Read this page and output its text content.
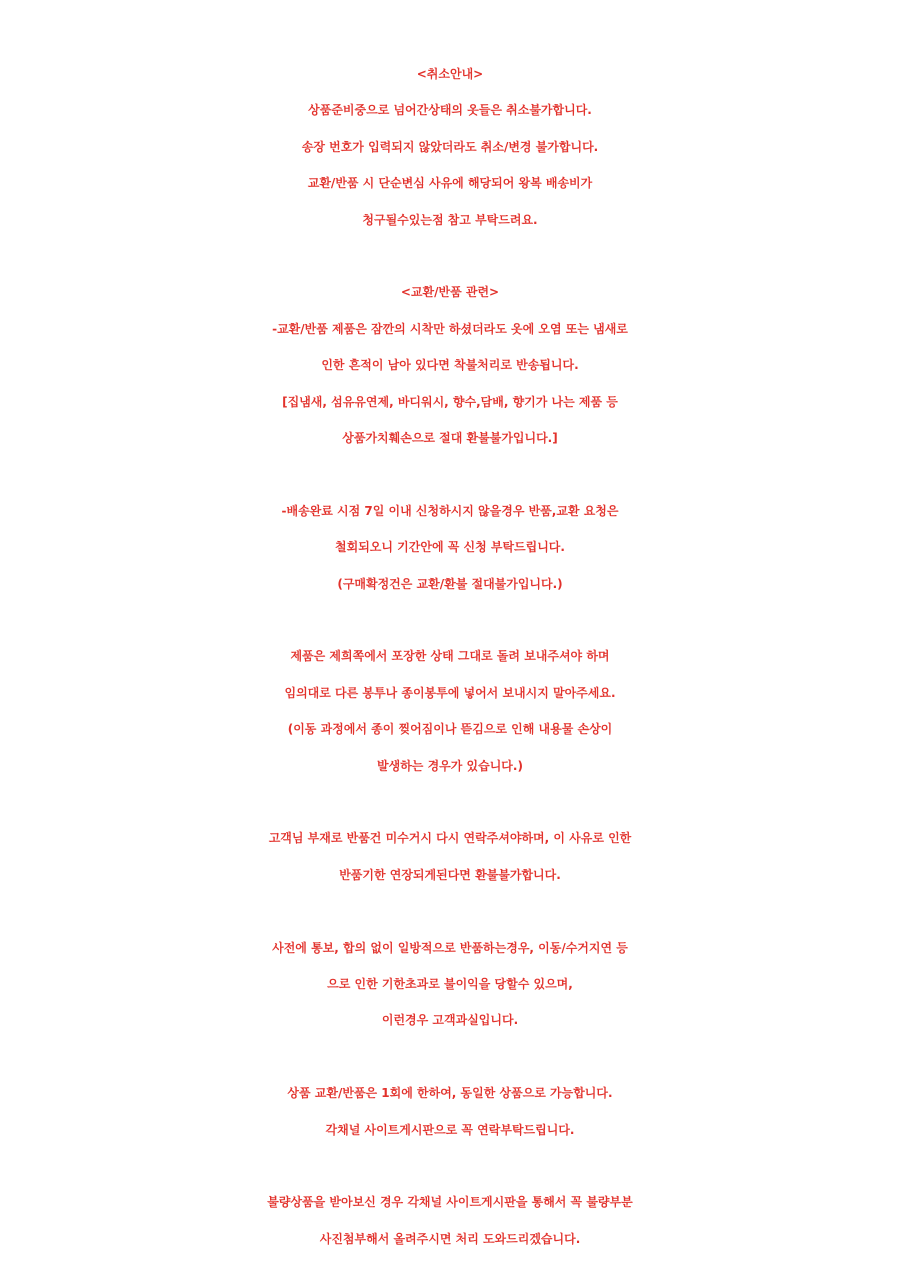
<취소안내>
상품준비중으로 넘어간상태의 옷들은 취소불가합니다.
송장 번호가 입력되지 않았더라도 취소/변경 불가합니다.
교환/반품 시 단순변심 사유에 해당되어 왕복 배송비가
청구될수있는점 참고 부탁드려요.
<교환/반품 관련>
-교환/반품 제품은 잠깐의 시착만 하셨더라도 옷에 오염 또는 냄새로
인한 흔적이 남아 있다면 착불처리로 반송됩니다.
[집냄새, 섬유유연제, 바디워시, 향수,담배, 향기가 나는 제품 등
상품가치훼손으로 절대 환불불가입니다.]
-배송완료 시점 7일 이내 신청하시지 않을경우 반품,교환 요청은
철회되오니 기간안에 꼭 신청 부탁드립니다.
(구매확정건은 교환/환불 절대불가입니다.)
제품은 제희쪽에서 포장한 상태 그대로 돌려 보내주셔야 하며
임의대로 다른 봉투나 종이봉투에 넣어서 보내시지 말아주세요.
(이동 과정에서 종이 찢어짐이나 뜯김으로 인해 내용물 손상이
발생하는 경우가 있습니다.)
고객님 부재로 반품건 미수거시 다시 연락주셔야하며, 이 사유로 인한
반품기한 연장되게된다면 환불불가합니다.
사전에 통보, 합의 없이 일방적으로 반품하는경우, 이동/수거지연 등
으로 인한 기한초과로 불이익을 당할수 있으며,
이런경우 고객과실입니다.
상품 교환/반품은 1회에 한하여, 동일한 상품으로 가능합니다.
각채널 사이트게시판으로 꼭 연락부탁드립니다.
불량상품을 받아보신 경우 각채널 사이트게시판을 통해서 꼭 불량부분
사진첨부해서 올려주시면 처리 도와드리겠습니다.
